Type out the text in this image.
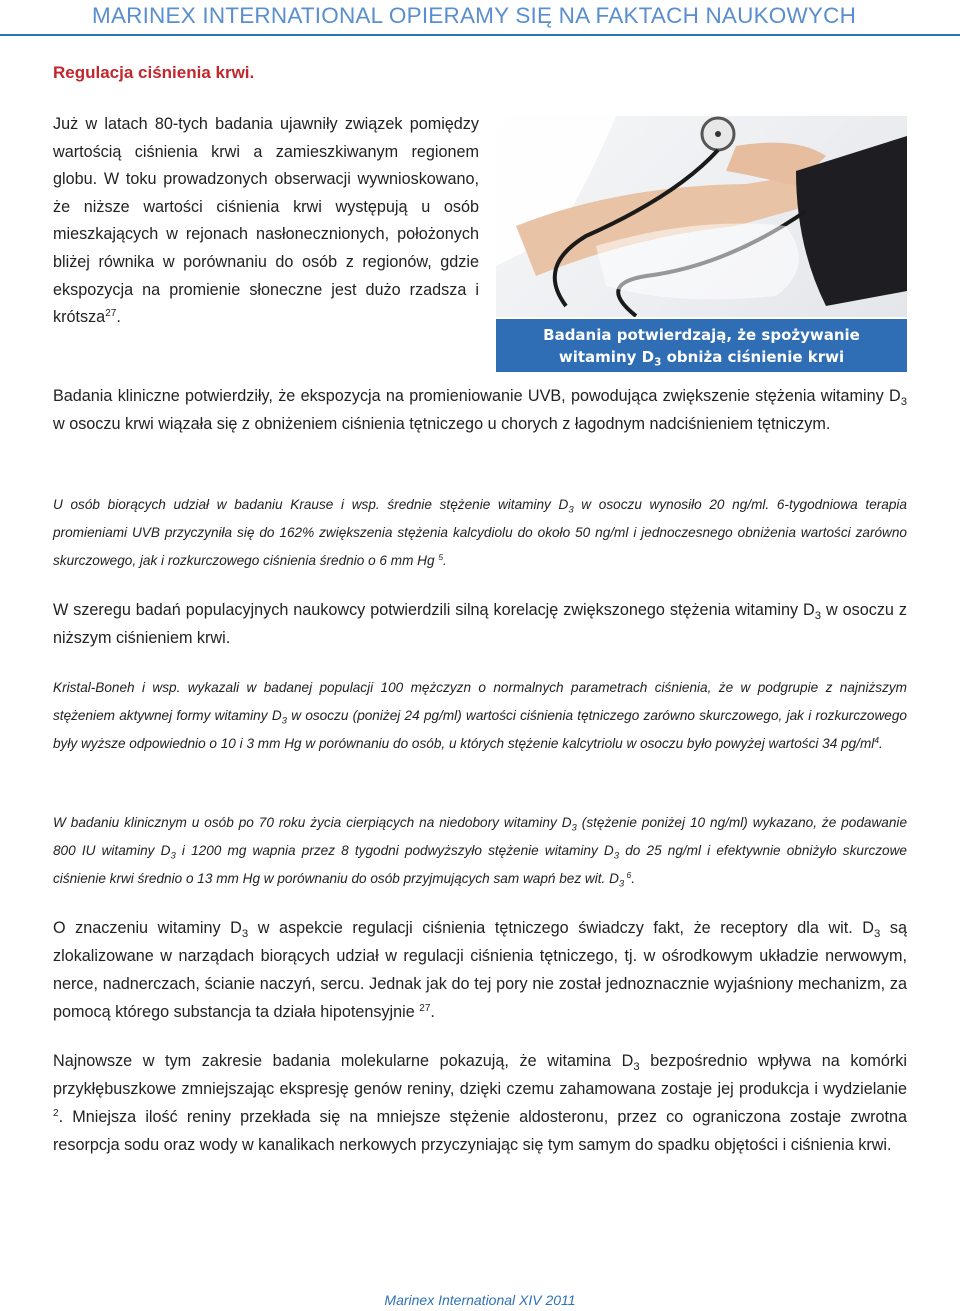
MARINEX INTERNATIONAL OPIERAMY SIĘ NA FAKTACH NAUKOWYCH
Regulacja ciśnienia krwi.

Już w latach 80-tych badania ujawniły związek pomiędzy wartością ciśnienia krwi a zamieszkiwanym regionem globu. W toku prowadzonych obserwacji wywnioskowano, że niższe wartości ciśnienia krwi występują u osób mieszkających w rejonach nasłonecznionych, położonych bliżej równika w porównaniu do osób z regionów, gdzie ekspozycja na promienie słoneczne jest dużo rzadsza i krótsza$^{27}$.

Badania potwierdzają, że spożywanie
witaminy $D_3$ obniża ciśnienie krwi

Badania kliniczne potwierdziły, że ekspozycja na promieniowanie UVB, powodująca zwiększenie stężenia witaminy $D_3$ w osoczu krwi wiązała się z obniżeniem ciśnienia tętniczego u chorych z łagodnym nadciśnieniem tętniczym.

U osób biorących udział w badaniu Krause i wsp. średnie stężenie witaminy $D_3$ w osoczu wynosiło 20 ng/ml. 6-tygodniowa terapia promieniami UVB przyczyniła się do 162% zwiększenia stężenia kalcydiolu do około 50 ng/ml i jednoczesnego obniżenia wartości zarówno skurczowego, jak i rozkurczowego ciśnienia średnio o 6 mm Hg $^5$.

W szeregu badań populacyjnych naukowcy potwierdzili silną korelację zwiększonego stężenia witaminy $D_3$ w osoczu z niższym ciśnieniem krwi.

Kristal-Boneh i wsp. wykazali w badanej populacji 100 mężczyzn o normalnych parametrach ciśnienia, że w podgrupie z najniższym stężeniem aktywnej formy witaminy $D_3$ w osoczu (poniżej 24 pg/ml) wartości ciśnienia tętniczego zarówno skurczowego, jak i rozkurczowego były wyższe odpowiednio o 10 i 3 mm Hg w porównaniu do osób, u których stężenie kalcytriolu w osoczu było powyżej wartości 34 $pg/ml^4$.

W badaniu klinicznym u osób po 70 roku życia cierpiących na niedobory witaminy $D_3$ (stężenie poniżej 10 ng/ml) wykazano, że podawanie 800 IU witaminy $D_3$ i 1200 mg wapnia przez 8 tygodni podwyższyło stężenie witaminy $D_3$ do 25 ng/ml i efektywnie obniżyło skurczowe ciśnienie krwi średnio o 13 mm Hg w porównaniu do osób przyjmujących sam wapń bez wit. $D_3$ $^6$.

O znaczeniu witaminy $D_3$ w aspekcie regulacji ciśnienia tętniczego świadczy fakt, że receptory dla wit. $D_3$ są zlokalizowane w narządach biorących udział w regulacji ciśnienia tętniczego, tj. w ośrodkowym układzie nerwowym, nerce, nadnerczach, ścianie naczyń, sercu. Jednak jak do tej pory nie został jednoznacznie wyjaśniony mechanizm, za pomocą którego substancja ta działa hipotensyjnie $^{27}$.

Najnowsze w tym zakresie badania molekularne pokazują, że witamina $D_3$ bezpośrednio wpływa na komórki przykłębuszkowe zmniejszając ekspresję genów reniny, dzięki czemu zahamowana zostaje jej produkcja i wydzielanie $^2$. Mniejsza ilość reniny przekłada się na mniejsze stężenie aldosteronu, przez co ograniczona zostaje zwrotna resorpcja sodu oraz wody w kanalikach nerkowych przyczyniając się tym samym do spadku objętości i ciśnienia krwi.

Marinex International XIV 2011
